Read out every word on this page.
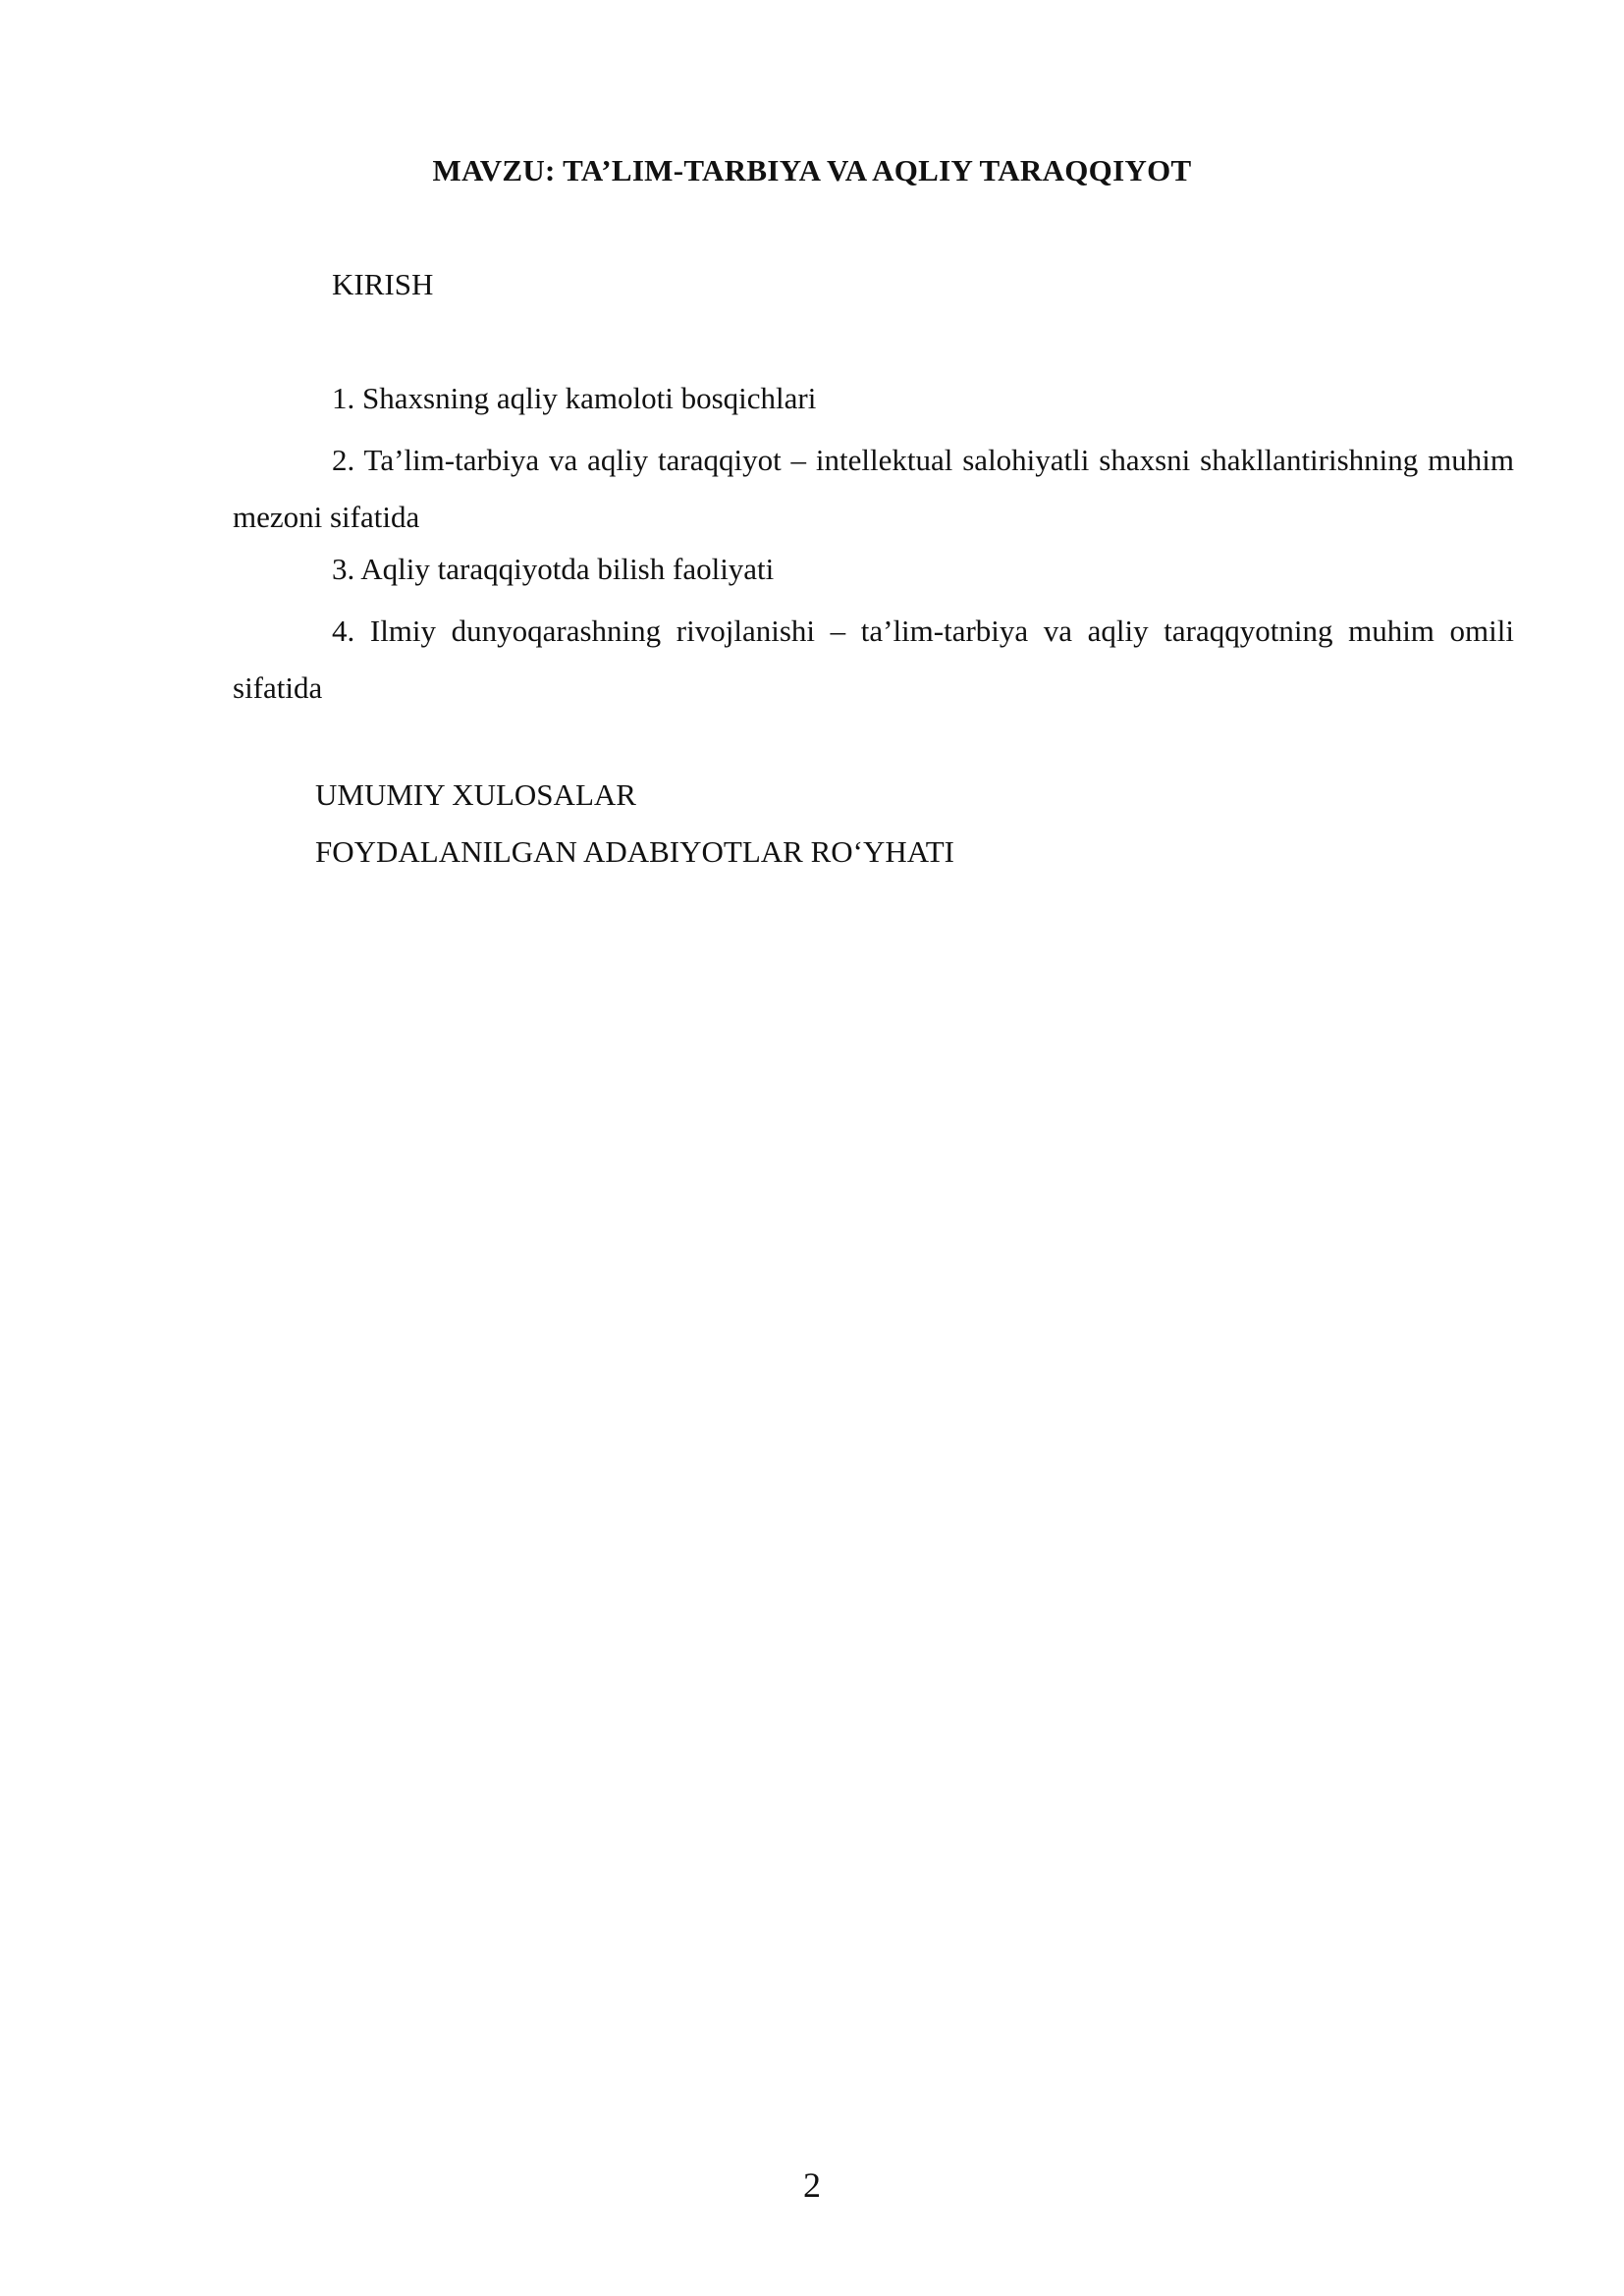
MAVZU: TA’LIM-TARBIYA VA AQLIY TARAQQIYOT
KIRISH
1. Shaxsning aqliy kamoloti bosqichlari
2. Ta’lim-tarbiya va aqliy taraqqiyot – intellektual salohiyatli shaxsni shakllantirishning muhim mezoni sifatida
3. Aqliy taraqqiyotda bilish faoliyati
4. Ilmiy dunyoqarashning rivojlanishi – ta’lim-tarbiya va aqliy taraqqyotning muhim omili sifatida
UMUMIY XULOSALAR
FOYDALANILGAN ADABIYOTLAR RO‘YHATI
2
